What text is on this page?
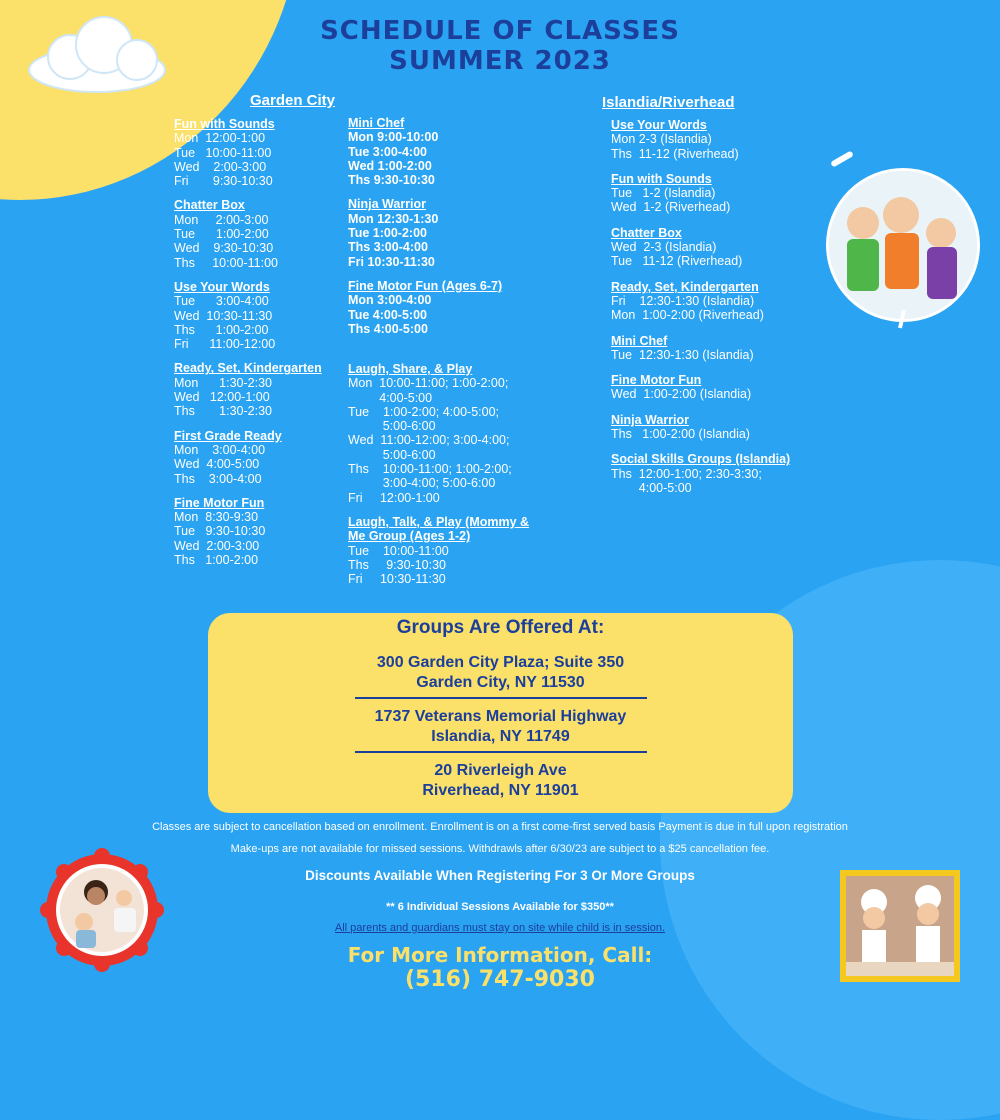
SCHEDULE OF CLASSES
SUMMER 2023
Garden City	Islandia/Riverhead
Fun with Sounds
Mon  12:00-1:00
Tue   10:00-11:00
Wed    2:00-3:00
Fri       9:30-10:30
Chatter Box
Mon     2:00-3:00
Tue      1:00-2:00
Wed    9:30-10:30
Ths     10:00-11:00
Use Your Words
Tue      3:00-4:00
Wed  10:30-11:30
Ths      1:00-2:00
Fri      11:00-12:00
Ready, Set, Kindergarten
Mon      1:30-2:30
Wed   12:00-1:00
Ths       1:30-2:30
First Grade Ready
Mon    3:00-4:00
Wed  4:00-5:00
Ths    3:00-4:00
Fine Motor Fun
Mon  8:30-9:30
Tue   9:30-10:30
Wed  2:00-3:00
Ths   1:00-2:00
Mini Chef
Mon 9:00-10:00
Tue 3:00-4:00
Wed 1:00-2:00
Ths 9:30-10:30
Ninja Warrior
Mon 12:30-1:30
Tue 1:00-2:00
Ths 3:00-4:00
Fri 10:30-11:30
Fine Motor Fun (Ages 6-7)
Mon 3:00-4:00
Tue 4:00-5:00
Ths 4:00-5:00
Laugh, Share, & Play
Mon  10:00-11:00; 1:00-2:00;
4:00-5:00
Tue    1:00-2:00; 4:00-5:00;
5:00-6:00
Wed  11:00-12:00; 3:00-4:00;
5:00-6:00
Ths    10:00-11:00; 1:00-2:00;
3:00-4:00; 5:00-6:00
Fri     12:00-1:00
Laugh, Talk, & Play (Mommy & Me Group (Ages 1-2)
Tue    10:00-11:00
Ths     9:30-10:30
Fri     10:30-11:30
Use Your Words
Mon 2-3 (Islandia)
Ths  11-12 (Riverhead)
Fun with Sounds
Tue   1-2 (Islandia)
Wed  1-2 (Riverhead)
Chatter Box
Wed  2-3 (Islandia)
Tue   11-12 (Riverhead)
Ready, Set, Kindergarten
Fri    12:30-1:30 (Islandia)
Mon  1:00-2:00 (Riverhead)
Mini Chef
Tue  12:30-1:30 (Islandia)
Fine Motor Fun
Wed  1:00-2:00 (Islandia)
Ninja Warrior
Ths   1:00-2:00 (Islandia)
Social Skills Groups (Islandia)
Ths  12:00-1:00; 2:30-3:30;
4:00-5:00
Groups Are Offered At:
300 Garden City Plaza; Suite 350
Garden City, NY 11530
1737 Veterans Memorial Highway
Islandia, NY 11749
20 Riverleigh Ave
Riverhead, NY 11901
Classes are subject to cancellation based on enrollment. Enrollment is on a first come-first served basis Payment is due in full upon registration
Make-ups are not available for missed sessions. Withdrawls after 6/30/23 are subject to a $25 cancellation fee.
Discounts Available When Registering For 3 Or More Groups
** 6 Individual Sessions Available for $350**
All parents and guardians must stay on site while child is in session.
For More Information, Call:
(516) 747-9030
